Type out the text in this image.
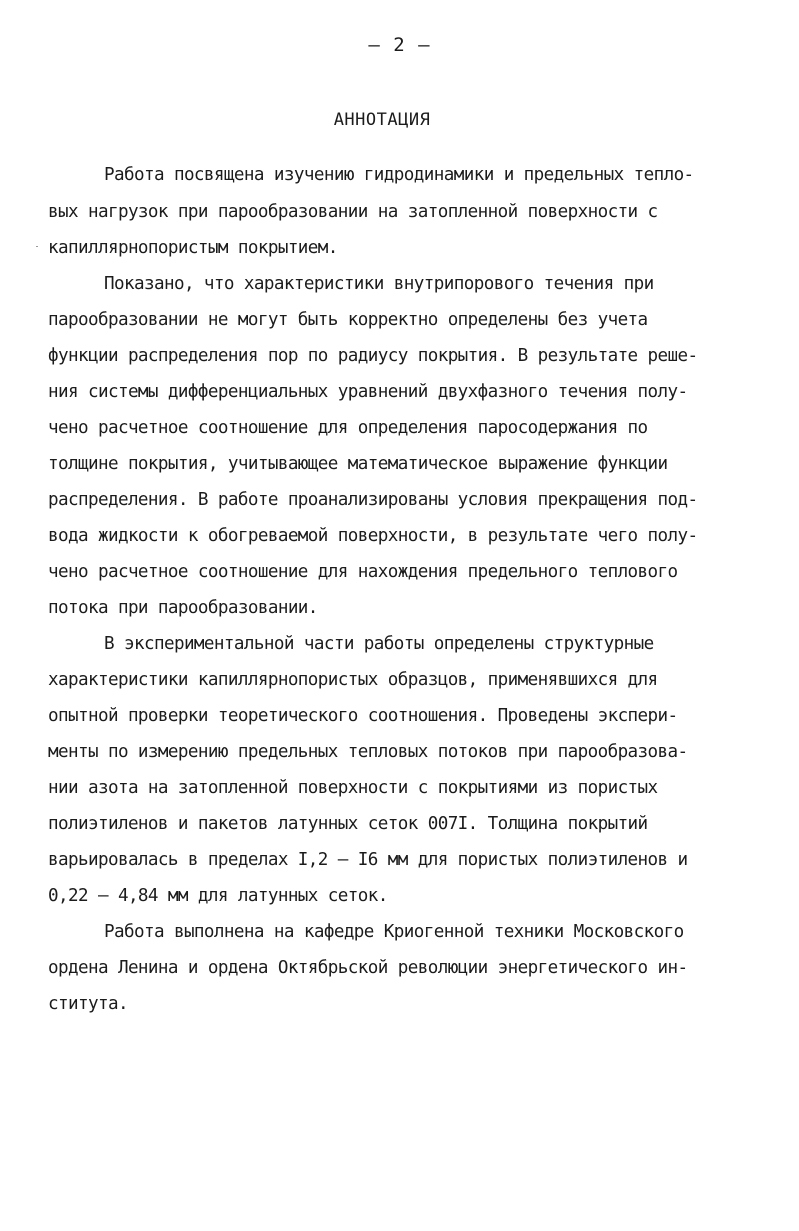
– 2 –
АННОТАЦИЯ
Работа посвящена изучению гидродинамики и предельных тепло-
вых нагрузок при парообразовании на затопленной поверхности с
капиллярнопористым покрытием.
Показано, что характеристики внутрипорового течения при
парообразовании не могут быть корректно определены без учета
функции распределения пор по радиусу покрытия. В результате реше-
ния системы дифференциальных уравнений двухфазного течения полу-
чено расчетное соотношение для определения паросодержания по
толщине покрытия, учитывающее математическое выражение функции
распределения. В работе проанализированы условия прекращения под-
вода жидкости к обогреваемой поверхности, в результате чего полу-
чено расчетное соотношение для нахождения предельного теплового
потока при парообразовании.
В экспериментальной части работы определены структурные
характеристики капиллярнопористых образцов, применявшихся для
опытной проверки теоретического соотношения. Проведены экспери-
менты по измерению предельных тепловых потоков при парообразова-
нии азота на затопленной поверхности с покрытиями из пористых
полиэтиленов и пакетов латунных сеток 007I. Толщина покрытий
варьировалась в пределах I,2 – I6 мм для пористых полиэтиленов и
0,22 – 4,84 мм для латунных сеток.
Работа выполнена на кафедре Криогенной техники Московского
ордена Ленина и ордена Октябрьской революции энергетического ин-
ститута.
